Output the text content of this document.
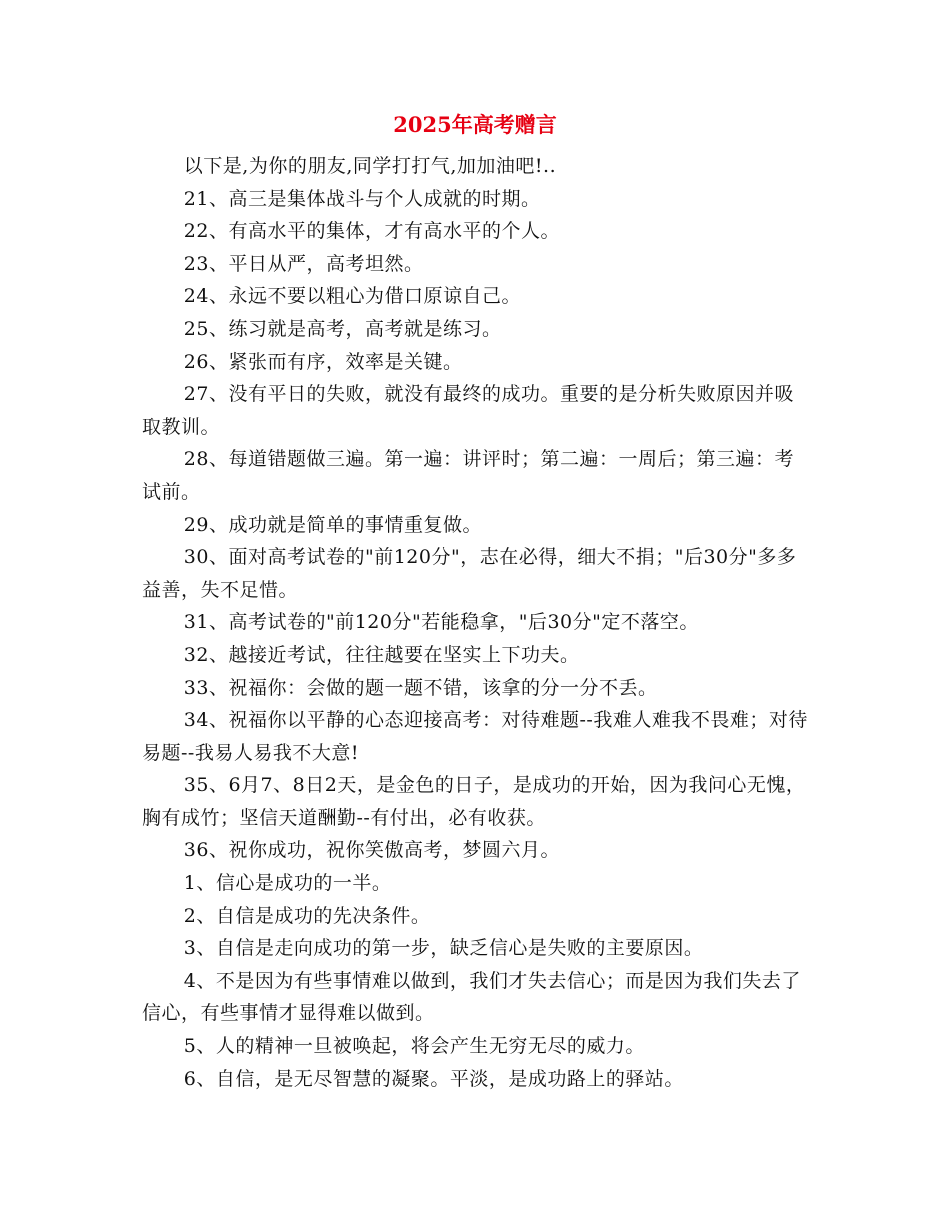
2025年高考赠言

以下是,为你的朋友,同学打打气,加加油吧!..

21、高三是集体战斗与个人成就的时期。

22、有高水平的集体，才有高水平的个人。

23、平日从严，高考坦然。

24、永远不要以粗心为借口原谅自己。

25、练习就是高考，高考就是练习。

26、紧张而有序，效率是关键。

27、没有平日的失败，就没有最终的成功。重要的是分析失败原因并吸取教训。

28、每道错题做三遍。第一遍：讲评时；第二遍：一周后；第三遍：考试前。

29、成功就是简单的事情重复做。

30、面对高考试卷的"前120分"，志在必得，细大不捐；"后30分"多多益善，失不足惜。

31、高考试卷的"前120分"若能稳拿，"后30分"定不落空。

32、越接近考试，往往越要在坚实上下功夫。

33、祝福你：会做的题一题不错，该拿的分一分不丢。

34、祝福你以平静的心态迎接高考：对待难题--我难人难我不畏难；对待易题--我易人易我不大意!

35、6月7、8日2天，是金色的日子，是成功的开始，因为我问心无愧，胸有成竹；坚信天道酬勤--有付出，必有收获。

36、祝你成功，祝你笑傲高考，梦圆六月。

1、信心是成功的一半。

2、自信是成功的先决条件。

3、自信是走向成功的第一步，缺乏信心是失败的主要原因。

4、不是因为有些事情难以做到，我们才失去信心；而是因为我们失去了信心，有些事情才显得难以做到。

5、人的精神一旦被唤起，将会产生无穷无尽的威力。

6、自信，是无尽智慧的凝聚。平淡，是成功路上的驿站。
